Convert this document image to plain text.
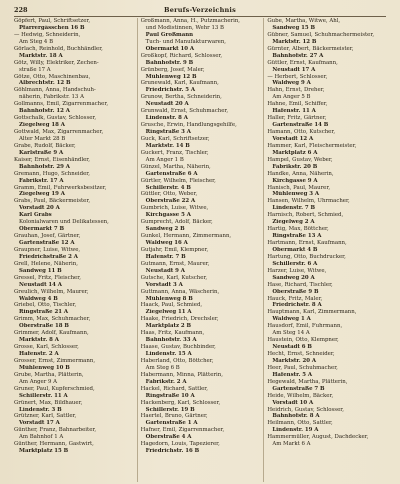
Berufs-Verzeichnis
228
Göpfert, Paul, Schriftsetzer,
Pfarrergässchen 16 B
— Hedwig, Schneiderin,
Am Steg 4 B
Görlach, Reinhold, Buchhändler,
Marktstr. 18 A
Götz, Willy, Elektriker, Zechen-
straße 17 A
Götze, Otto, Maschinenbau,
Albrechtstr. 12 B
Göhlmann, Anna, Handschuh-
näherin, Fabrikstr. 13 A
Gollmanns, Emil, Zigarrenmacher,
Bahnhofstr. 12 A
Gottschalk, Gustav, Schlosser,
Ziegelweg 18 A
Gottwald, Max, Zigarrenmacher,
Alter Markt 28 B
Grabe, Rudolf, Bäcker,
Karlstraße 9 A
Kaiser, Ernst, Eisenhändler,
Bahnhofstr. 29 A
Gremann, Hugo, Schneider,
Fabrikstr. 17 A
Gramm, Emil, Fuhrwerksbesitzer,
Ziegelweg 19 A
Grabs, Paul, Bäckermeister,
Vorstadt 20 A
Karl Grabs
Kolonialwaren und Delikatessen,
Obermarkt 7 B
Grauhan, Josef, Gärtner,
Gartenstraße 12 A
Graupner, Luise, Witwe,
Friedrichstraße 2 A
Grell, Helene, Näherin,
Sandweg 11 B
Gressel, Fritz, Fleischer,
Neustadt 14 A
Greulich, Wilhelm, Maurer,
Waldweg 4 B
Griebel, Otto, Tischler,
Ringstraße 21 A
Grimm, Max, Schuhmacher,
Oberstraße 18 B
Grimmer, Adolf, Kaufmann,
Marktstr. 8 A
Grosse, Karl, Schlosser,
Hafenstr. 2 A
Grosser, Ernst, Zimmermann,
Mühlenweg 10 B
Grube, Martha, Plätterin,
Am Anger 9 A
Gruner, Paul, Kupferschmied,
Schillerstr. 11 A
Grünert, Max, Bildhauer,
Lindenstr. 3 B
Grützner, Karl, Sattler,
Vorstadt 17 A
Günther, Franz, Bahnarbeiter,
Am Bahnhof 1 A
Günther, Hermann, Gastwirt,
Marktplatz 15 B
Großmann, Anna, H., Putzmacherin,
und Modistinnen, Wehr 13 B
Paul Großmann
Tuch- und Manufakturwaren,
Obermarkt 10 A
Großkopf, Richard, Schlosser,
Bahnhofstr. 9 B
Grünberg, Josef, Maler,
Mühlenweg 12 B
Grunewald, Karl, Kaufmann,
Friedrichstr. 5 A
Grunow, Bertha, Schneiderin,
Neustadt 20 A
Grunwald, Ernst, Schuhmacher,
Lindenstr. 8 A
Grusche, Erwin, Handlungsgehilfe,
Ringstraße 3 A
Guck, Karl, Schriftsetzer,
Marktstr. 14 B
Guckert, Franz, Tischler,
Am Anger 1 B
Günzel, Martha, Näherin,
Gartenstraße 6 A
Gürtler, Wilhelm, Fleischer,
Schillerstr. 4 B
Güttler, Otto, Weber,
Oberstraße 22 A
Gumbrich, Luise, Witwe,
Kirchgasse 5 A
Gumprecht, Adolf, Bäcker,
Sandweg 2 B
Gunkel, Hermann, Zimmermann,
Waldweg 16 A
Gutjahr, Emil, Klempner,
Hafenstr. 7 B
Gutmann, Ernst, Maurer,
Neustadt 9 A
Gutsche, Karl, Kutscher,
Vorstadt 3 A
Guttmann, Anna, Wäscherin,
Mühlenweg 8 B
Haack, Paul, Schmied,
Ziegelweg 11 A
Haake, Friedrich, Drechsler,
Marktplatz 2 B
Haas, Fritz, Kaufmann,
Bahnhofstr. 33 A
Haase, Gustav, Buchbinder,
Lindenstr. 15 A
Haberland, Otto, Böttcher,
Am Steg 6 B
Habermann, Minna, Plätterin,
Fabrikstr. 2 A
Hackel, Richard, Sattler,
Ringstraße 10 A
Hackenberg, Karl, Schlosser,
Schillerstr. 19 B
Haertel, Bruno, Gärtner,
Gartenstraße 1 A
Hafner, Emil, Zigarrenmacher,
Oberstraße 4 A
Hagedorn, Louis, Tapezierer,
Friedrichstr. 16 B
Gube, Martha, Witwe, Ahl,
Sandweg 15 B
Gübner, Samuel, Schuhmachermeister,
Marktstr. 12 B
Gürnter, Albert, Bäckermeister,
Bahnhofstr. 27 A
Güttler, Ernst, Kaufmann,
Neustadt 17 A
— Herbert, Schlosser,
Waldweg 9 A
Hahn, Ernst, Dreher,
Am Anger 5 B
Hahne, Emil, Schiffer,
Hafenstr. 11 A
Haller, Fritz, Gärtner,
Gartenstraße 14 B
Hamann, Otto, Kutscher,
Vorstadt 12 A
Hammer, Karl, Fleischermeister,
Marktplatz 6 A
Hampel, Gustav, Weber,
Fabrikstr. 20 B
Handke, Anna, Näherin,
Kirchgasse 9 A
Hanisch, Paul, Maurer,
Mühlenweg 3 A
Hansen, Wilhelm, Uhrmacher,
Lindenstr. 7 B
Harnisch, Robert, Schmied,
Ziegelweg 2 A
Hartig, Max, Böttcher,
Ringstraße 13 A
Hartmann, Ernst, Kaufmann,
Obermarkt 4 B
Hartung, Otto, Buchdrucker,
Schillerstr. 6 A
Harzer, Luise, Witwe,
Sandweg 20 A
Hase, Richard, Tischler,
Oberstraße 9 B
Hauck, Fritz, Maler,
Friedrichstr. 8 A
Hauptmann, Karl, Zimmermann,
Waldweg 1 A
Hausdorf, Emil, Fuhrmann,
Am Steg 14 A
Haustein, Otto, Klempner,
Neustadt 6 B
Hecht, Ernst, Schneider,
Marktstr. 20 A
Heer, Paul, Schuhmacher,
Hafenstr. 5 A
Hegewald, Martha, Plätterin,
Gartenstraße 7 B
Heide, Wilhelm, Bäcker,
Vorstadt 10 A
Heidrich, Gustav, Schlosser,
Bahnhofstr. 8 A
Heilmann, Otto, Sattler,
Lindenstr. 19 A
Hammermüller, August, Dachdecker,
Am Markt 6 A
